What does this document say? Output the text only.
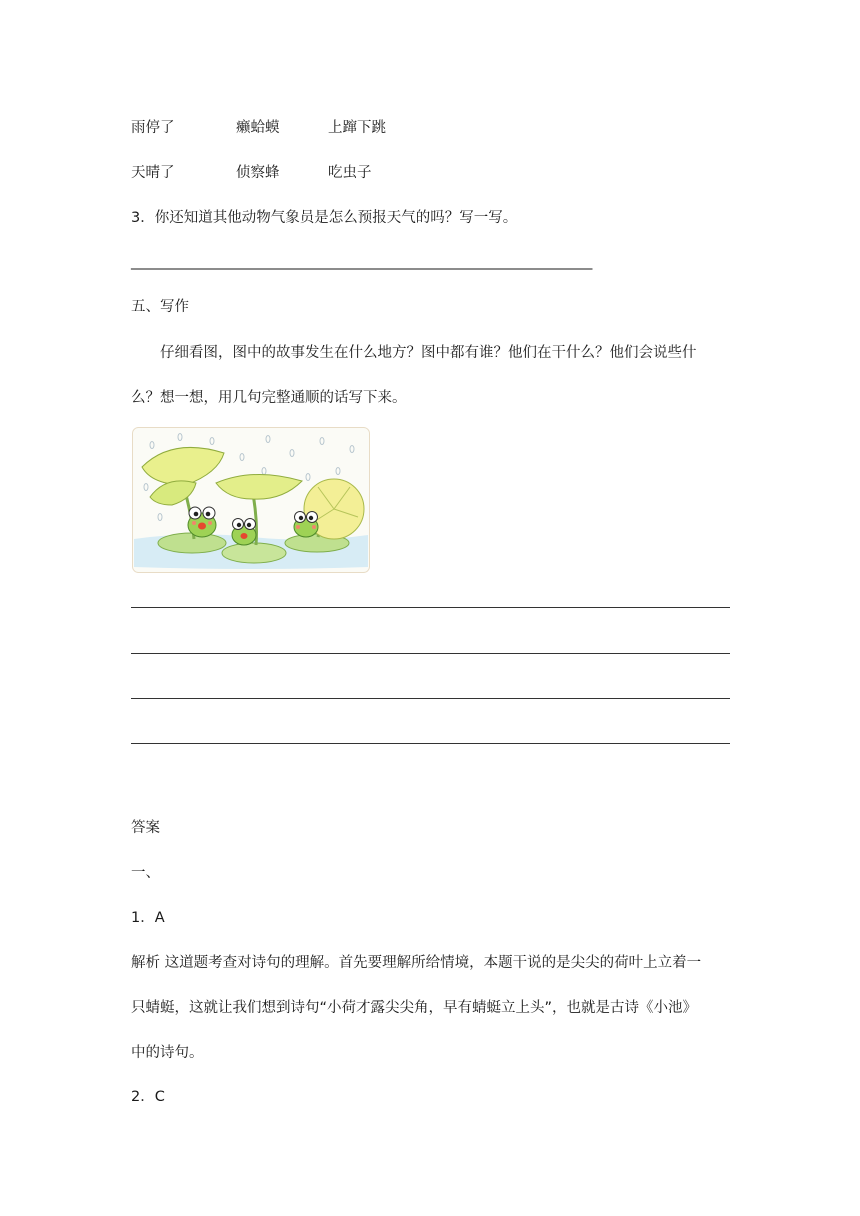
雨停了	癞蛤蟆	上蹿下跳
天晴了	侦察蜂	吃虫子
3．你还知道其他动物气象员是怎么预报天气的吗？写一写。
________________________________________________________________________
五、写作
仔细看图，图中的故事发生在什么地方？图中都有谁？他们在干什么？他们会说些什
么？想一想，用几句完整通顺的话写下来。
答案
一、
1．A
解析 这道题考查对诗句的理解。首先要理解所给情境，本题干说的是尖尖的荷叶上立着一
只蜻蜓，这就让我们想到诗句“小荷才露尖尖角，早有蜻蜓立上头”，也就是古诗《小池》
中的诗句。
2．C
